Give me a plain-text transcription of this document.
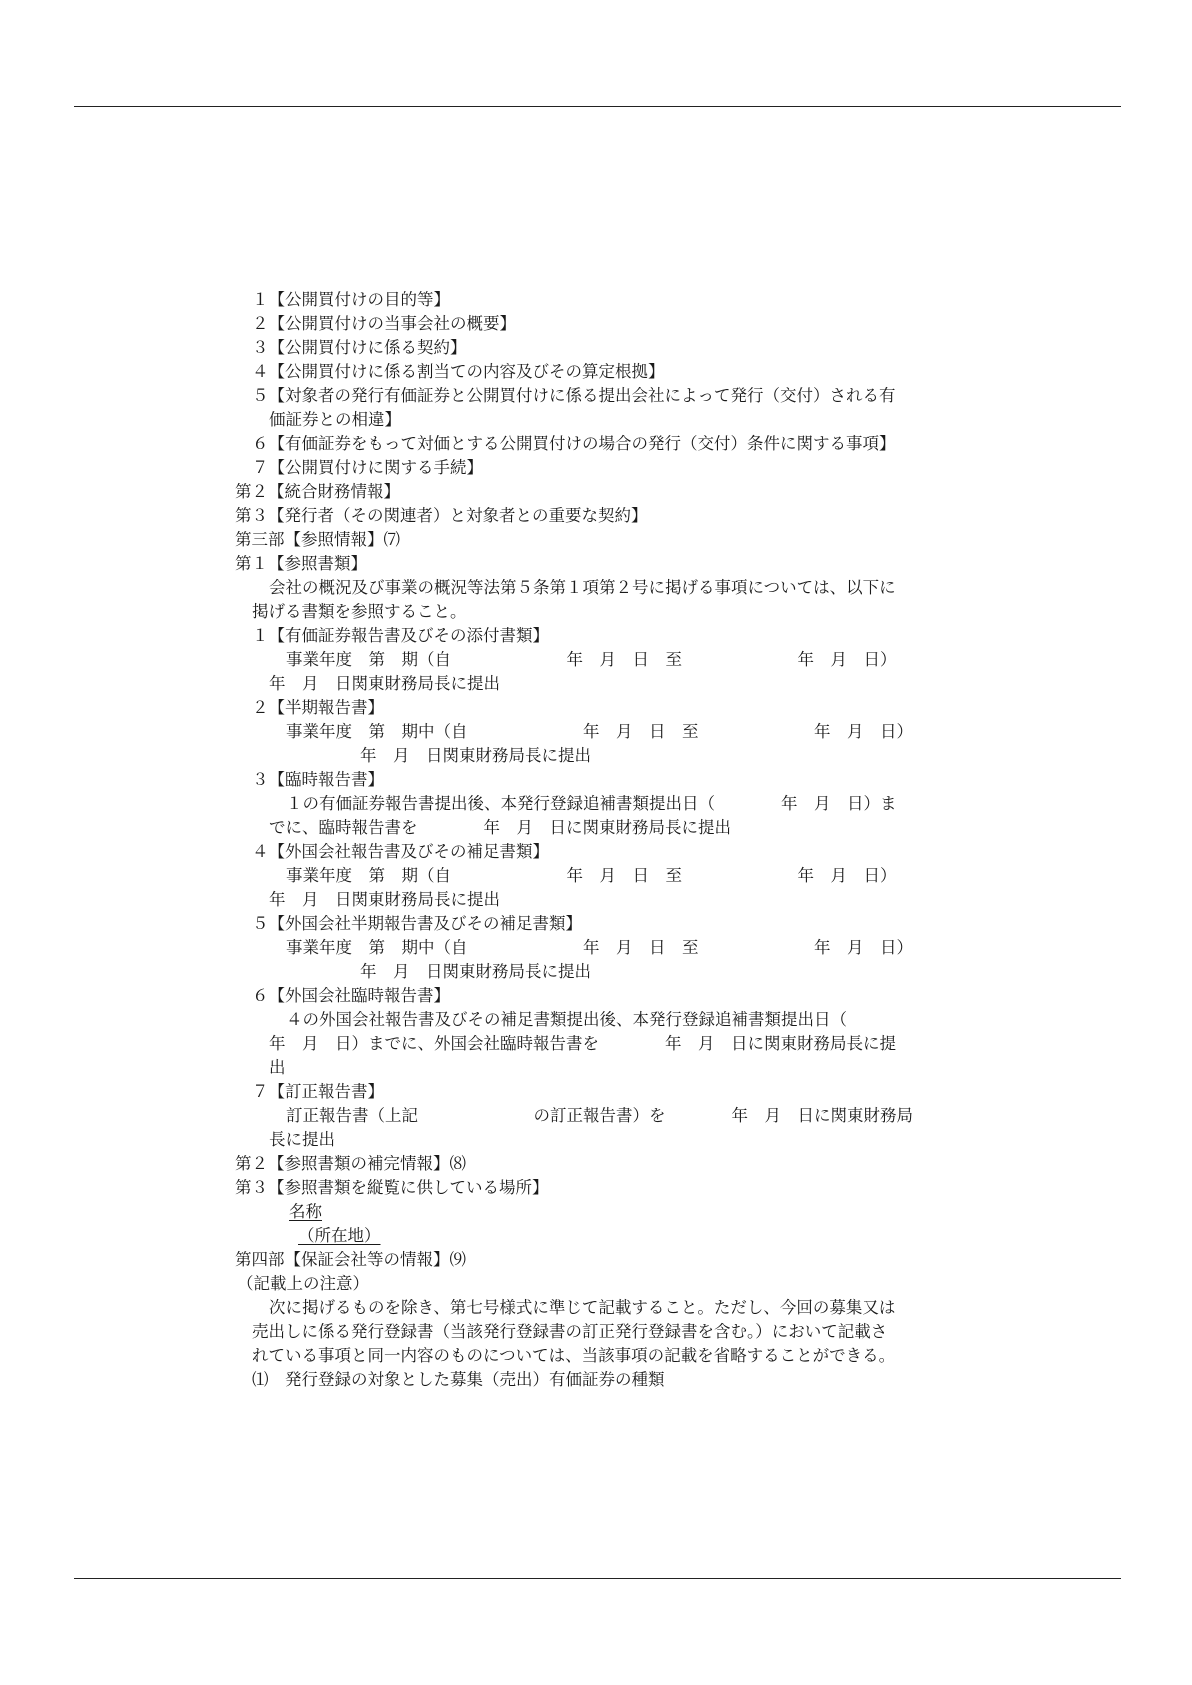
１【公開買付けの目的等】
２【公開買付けの当事会社の概要】
３【公開買付けに係る契約】
４【公開買付けに係る割当ての内容及びその算定根拠】
５【対象者の発行有価証券と公開買付けに係る提出会社によって発行（交付）される有
価証券との相違】
６【有価証券をもって対価とする公開買付けの場合の発行（交付）条件に関する事項】
７【公開買付けに関する手続】
第２【統合財務情報】
第３【発行者（その関連者）と対象者との重要な契約】
第三部【参照情報】⑺
第１【参照書類】
会社の概況及び事業の概況等法第５条第１項第２号に掲げる事項については、以下に
掲げる書類を参照すること。
１【有価証券報告書及びその添付書類】
事業年度　第　期（自　　　　　　　年　月　日　至　　　　　　　年　月　日）
年　月　日関東財務局長に提出
２【半期報告書】
事業年度　第　期中（自　　　　　　　年　月　日　至　　　　　　　年　月　日）
年　月　日関東財務局長に提出
３【臨時報告書】
１の有価証券報告書提出後、本発行登録追補書類提出日（　　　　年　月　日）ま
でに、臨時報告書を　　　　年　月　日に関東財務局長に提出
４【外国会社報告書及びその補足書類】
事業年度　第　期（自　　　　　　　年　月　日　至　　　　　　　年　月　日）
年　月　日関東財務局長に提出
５【外国会社半期報告書及びその補足書類】
事業年度　第　期中（自　　　　　　　年　月　日　至　　　　　　　年　月　日）
年　月　日関東財務局長に提出
６【外国会社臨時報告書】
４の外国会社報告書及びその補足書類提出後、本発行登録追補書類提出日（
年　月　日）までに、外国会社臨時報告書を　　　　年　月　日に関東財務局長に提
出
７【訂正報告書】
訂正報告書（上記　　　　　　　の訂正報告書）を　　　　年　月　日に関東財務局
長に提出
第２【参照書類の補完情報】⑻
第３【参照書類を縦覧に供している場所】
名称
（所在地）
第四部【保証会社等の情報】⑼
（記載上の注意）
次に掲げるものを除き、第七号様式に準じて記載すること。ただし、今回の募集又は
売出しに係る発行登録書（当該発行登録書の訂正発行登録書を含む。）において記載さ
れている事項と同一内容のものについては、当該事項の記載を省略することができる。
⑴　発行登録の対象とした募集（売出）有価証券の種類
